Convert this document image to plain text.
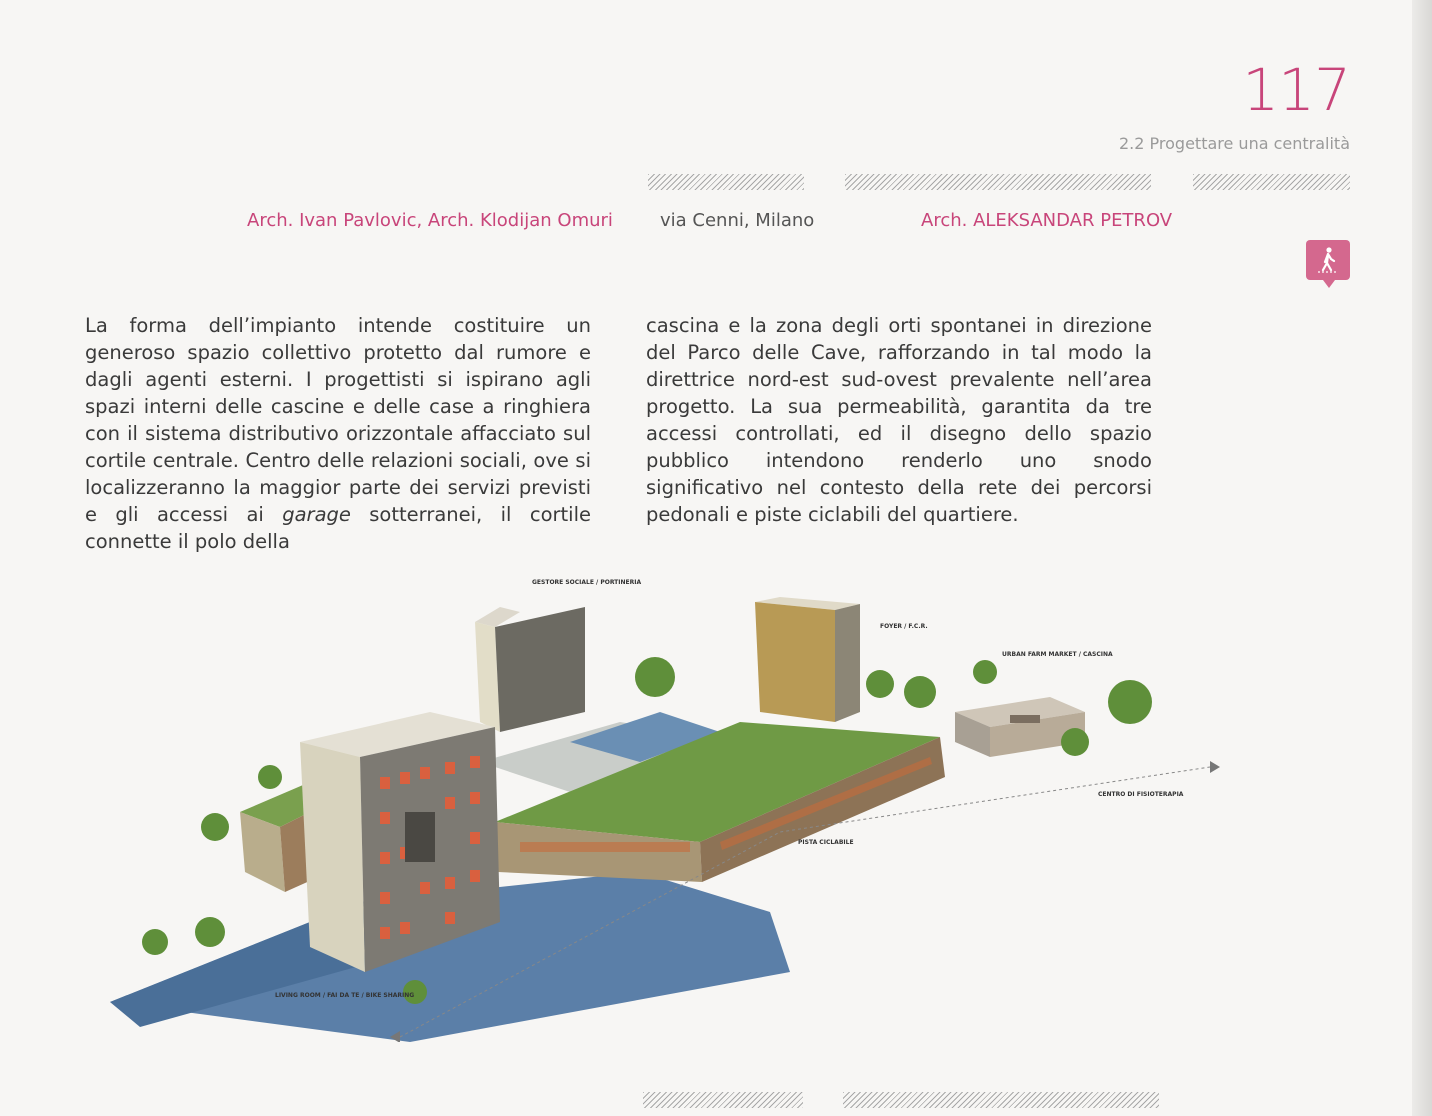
117
2.2 Progettare una centralità
Arch. Ivan Pavlovic, Arch. Klodijan Omuri	via Cenni, Milano	Arch. ALEKSANDAR PETROV

La forma dell’impianto intende costituire un generoso spazio collettivo protetto dal rumore e dagli agenti esterni. I progettisti si ispirano agli spazi interni delle cascine e delle case a ringhiera con il sistema distributivo orizzontale affacciato sul cortile centrale. Centro delle relazioni sociali, ove si localizzeranno la maggior parte dei servizi previsti e gli accessi ai garage sotterranei, il cortile connette il polo della

cascina e la zona degli orti spontanei in direzione del Parco delle Cave, rafforzando in tal modo la direttrice nord-est sud-ovest prevalente nell’area progetto. La sua permeabilità, garantita da tre accessi controllati, ed il disegno dello spazio pubblico intendono renderlo uno snodo significativo nel contesto della rete dei percorsi pedonali e piste ciclabili del quartiere.

GESTORE SOCIALE / PORTINERIA
FOYER / F.C.R.
URBAN FARM MARKET / CASCINA
CENTRO DI FISIOTERAPIA
PISTA CICLABILE
LIVING ROOM / FAI DA TE / BIKE SHARING
